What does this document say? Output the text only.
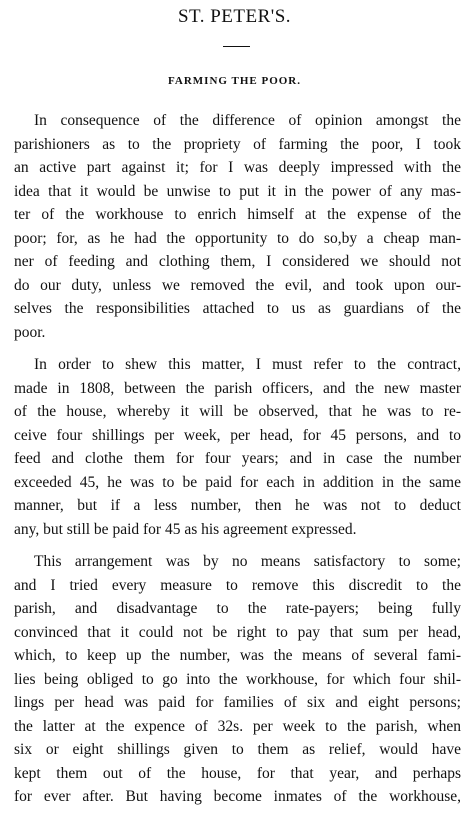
ST. PETER'S.
FARMING THE POOR.
In consequence of the difference of opinion amongst the
parishioners as to the propriety of farming the poor, I took
an active part against it; for I was deeply impressed with the
idea that it would be unwise to put it in the power of any mas-
ter of the workhouse to enrich himself at the expense of the
poor; for, as he had the opportunity to do so,by a cheap man-
ner of feeding and clothing them, I considered we should not
do our duty, unless we removed the evil, and took upon our-
selves the responsibilities attached to us as guardians of the
poor.
In order to shew this matter, I must refer to the contract,
made in 1808, between the parish officers, and the new master
of the house, whereby it will be observed, that he was to re-
ceive four shillings per week, per head, for 45 persons, and to
feed and clothe them for four years; and in case the number
exceeded 45, he was to be paid for each in addition in the same
manner, but if a less number, then he was not to deduct
any, but still be paid for 45 as his agreement expressed.
This arrangement was by no means satisfactory to some;
and I tried every measure to remove this discredit to the
parish, and disadvantage to the rate-payers; being fully
convinced that it could not be right to pay that sum per head,
which, to keep up the number, was the means of several fami-
lies being obliged to go into the workhouse, for which four shil-
lings per head was paid for families of six and eight persons;
the latter at the expence of 32s. per week to the parish, when
six or eight shillings given to them as relief, would have
kept them out of the house, for that year, and perhaps
for ever after. But having become inmates of the workhouse,
